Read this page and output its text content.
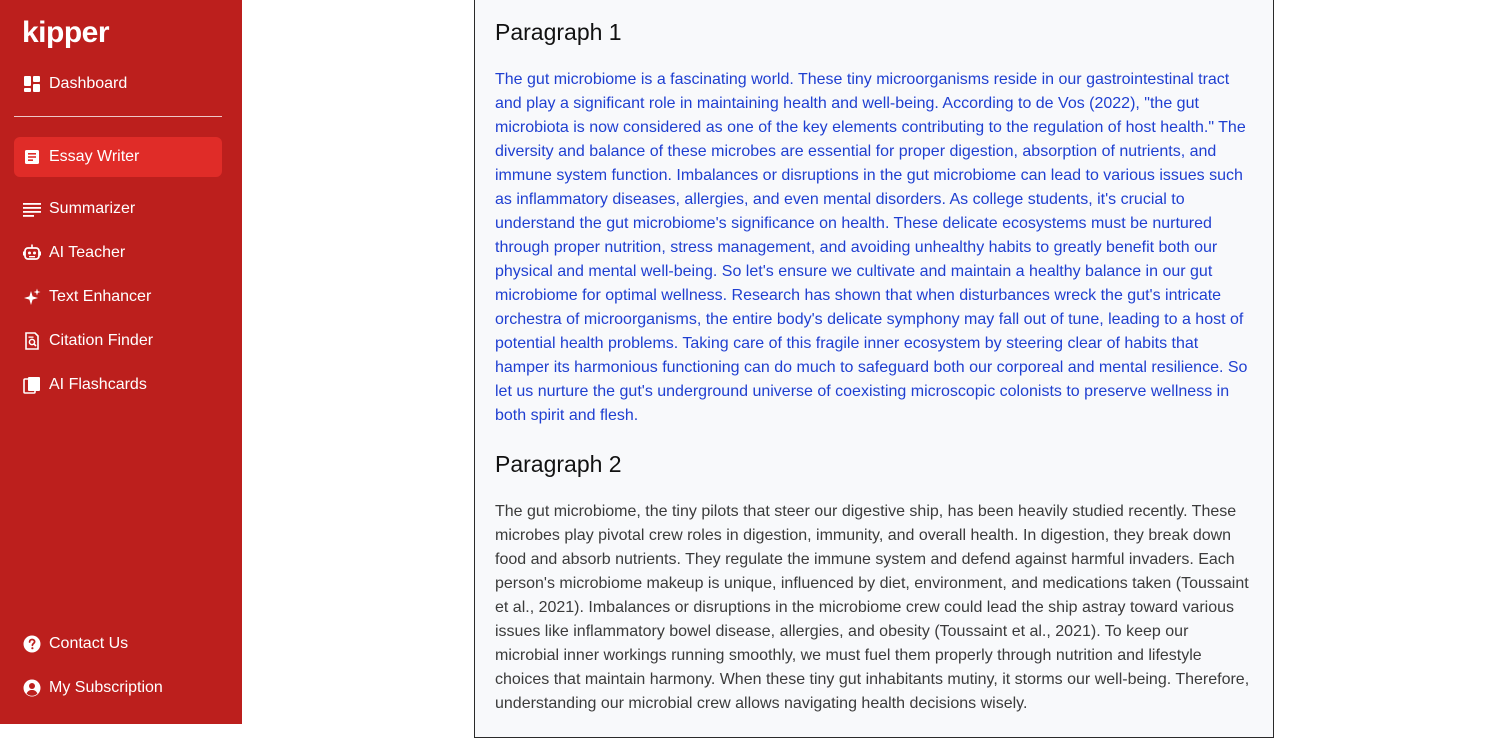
kipper
Dashboard
Essay Writer
Summarizer
AI Teacher
Text Enhancer
Citation Finder
AI Flashcards
Contact Us
My Subscription
Paragraph 1

The gut microbiome is a fascinating world. These tiny microorganisms reside in our gastrointestinal tract and play a significant role in maintaining health and well-being. According to de Vos (2022), "the gut microbiota is now considered as one of the key elements contributing to the regulation of host health." The diversity and balance of these microbes are essential for proper digestion, absorption of nutrients, and immune system function. Imbalances or disruptions in the gut microbiome can lead to various issues such as inflammatory diseases, allergies, and even mental disorders. As college students, it's crucial to understand the gut microbiome's significance on health. These delicate ecosystems must be nurtured through proper nutrition, stress management, and avoiding unhealthy habits to greatly benefit both our physical and mental well-being. So let's ensure we cultivate and maintain a healthy balance in our gut microbiome for optimal wellness. Research has shown that when disturbances wreck the gut's intricate orchestra of microorganisms, the entire body's delicate symphony may fall out of tune, leading to a host of potential health problems. Taking care of this fragile inner ecosystem by steering clear of habits that hamper its harmonious functioning can do much to safeguard both our corporeal and mental resilience. So let us nurture the gut's underground universe of coexisting microscopic colonists to preserve wellness in both spirit and flesh.

Paragraph 2

The gut microbiome, the tiny pilots that steer our digestive ship, has been heavily studied recently. These microbes play pivotal crew roles in digestion, immunity, and overall health. In digestion, they break down food and absorb nutrients. They regulate the immune system and defend against harmful invaders. Each person's microbiome makeup is unique, influenced by diet, environment, and medications taken (Toussaint et al., 2021). Imbalances or disruptions in the microbiome crew could lead the ship astray toward various issues like inflammatory bowel disease, allergies, and obesity (Toussaint et al., 2021). To keep our microbial inner workings running smoothly, we must fuel them properly through nutrition and lifestyle choices that maintain harmony. When these tiny gut inhabitants mutiny, it storms our well-being. Therefore, understanding our microbial crew allows navigating health decisions wisely.
